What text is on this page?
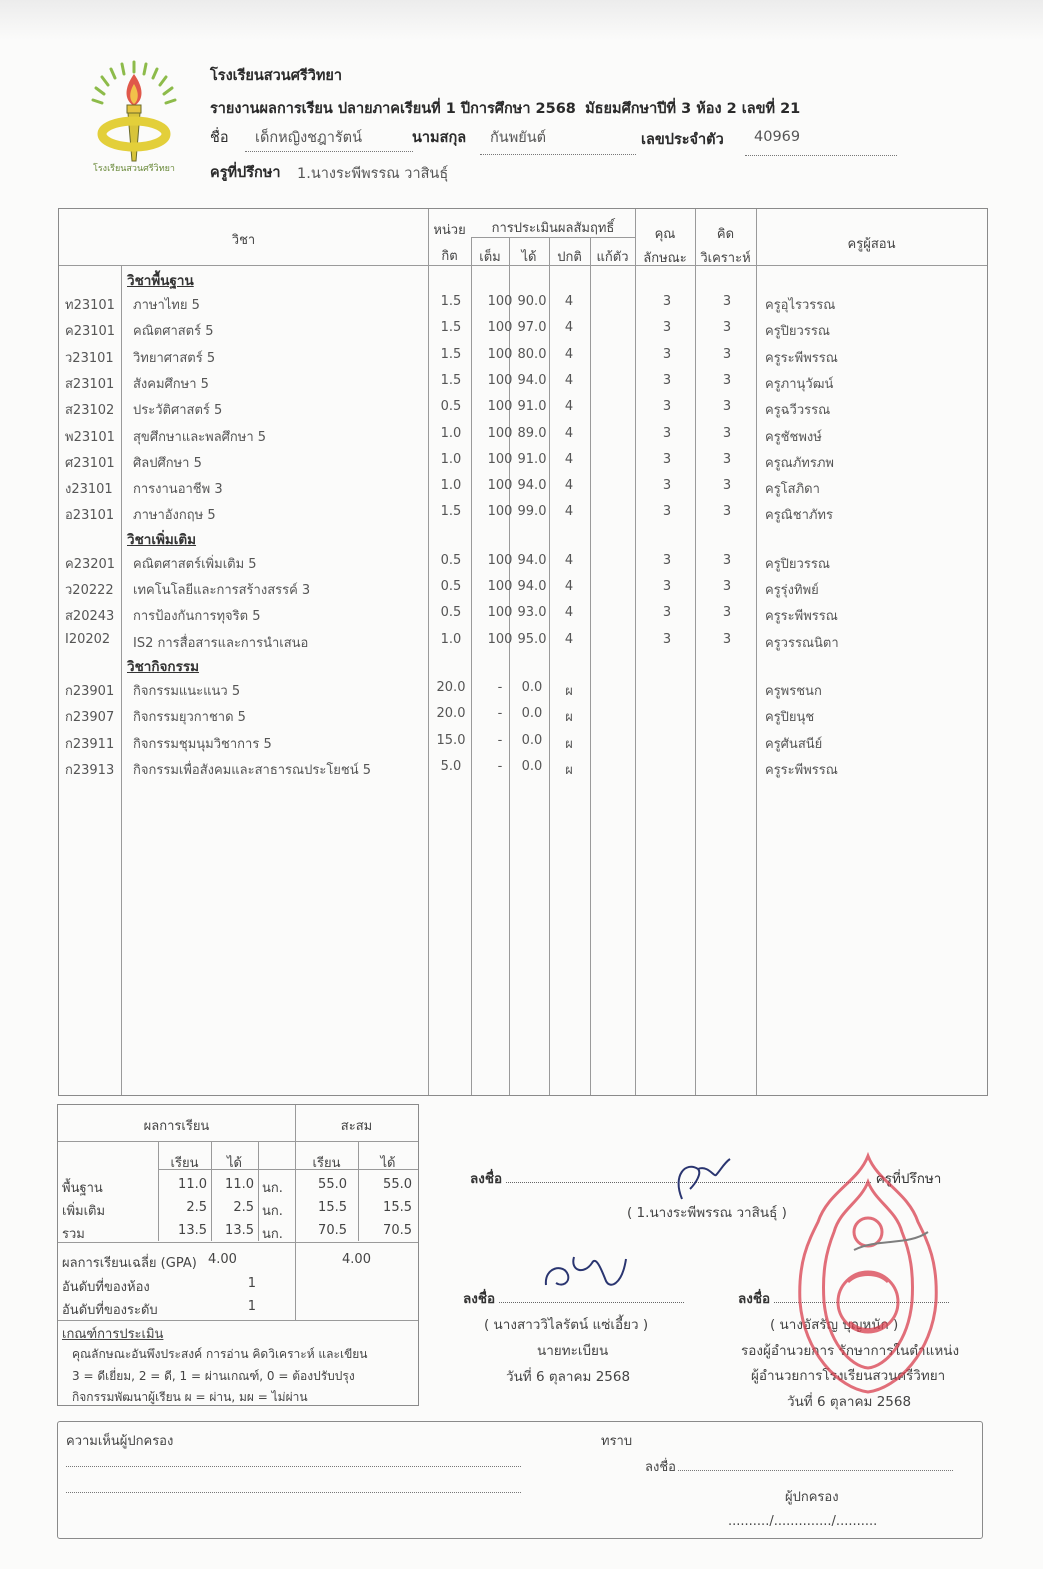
โรงเรียนสวนศรีวิทยา
โรงเรียนสวนศรีวิทยา
รายงานผลการเรียน ปลายภาคเรียนที่ 1 ปีการศึกษา 2568 มัธยมศึกษาปีที่ 3 ห้อง 2 เลขที่ 21
ชื่อ เด็กหญิงชฎารัตน์	นามสกุล กันพยันต์	เลขประจำตัว 40969
ครูที่ปรึกษา 1.นางระพีพรรณ วาสินธุ์
วิชา
หน่วย
กิต
การประเมินผลสัมฤทธิ์
เต็ม	ได้	ปกติ	แก้ตัว
คุณ
ลักษณะ
คิด
วิเคราะห์
ครูผู้สอน
วิชาพื้นฐาน
ท23101	ภาษาไทย 5	1.5	100 90.0	4	3	3	ครูอุไรวรรณ
ค23101	คณิตศาสตร์ 5	1.5	100 97.0	4	3	3	ครูปิยวรรณ
ว23101	วิทยาศาสตร์ 5	1.5	100 80.0	4	3	3	ครูระพีพรรณ
ส23101	สังคมศึกษา 5	1.5	100 94.0	4	3	3	ครูภานุวัฒน์
ส23102	ประวัติศาสตร์ 5	0.5	100 91.0	4	3	3	ครูฉวีวรรณ
พ23101	สุขศึกษาและพลศึกษา 5	1.0	100 89.0	4	3	3	ครูชัชพงษ์
ศ23101	ศิลปศึกษา 5	1.0	100 91.0	4	3	3	ครูณภัทรภพ
ง23101	การงานอาชีพ 3	1.0	100 94.0	4	3	3	ครูโสภิดา
อ23101	ภาษาอังกฤษ 5	1.5	100 99.0	4	3	3	ครูณิชาภัทร
วิชาเพิ่มเติม
ค23201	คณิตศาสตร์เพิ่มเติม 5	0.5	100 94.0	4	3	3	ครูปิยวรรณ
ว20222	เทคโนโลยีและการสร้างสรรค์ 3	0.5	100 94.0	4	3	3	ครูรุ่งทิพย์
ส20243	การป้องกันการทุจริต 5	0.5	100 93.0	4	3	3	ครูระพีพรรณ
I20202	IS2 การสื่อสารและการนำเสนอ	1.0	100 95.0	4	3	3	ครูวรรณนิตา
วิชากิจกรรม
ก23901	กิจกรรมแนะแนว 5	20.0	-	0.0	ผ	ครูพรชนก
ก23907	กิจกรรมยุวกาชาด 5	20.0	-	0.0	ผ	ครูปิยนุช
ก23911	กิจกรรมชุมนุมวิชาการ 5	15.0	-	0.0	ผ	ครูศันสนีย์
ก23913	กิจกรรมเพื่อสังคมและสาธารณประโยชน์ 5	5.0	-	0.0	ผ	ครูระพีพรรณ
ผลการเรียน	สะสม
เรียน	ได้	เรียน	ได้
พื้นฐาน	11.0	11.0 นก.	55.0	55.0
เพิ่มเติม	2.5	2.5 นก.	15.5	15.5
รวม	13.5	13.5 นก.	70.5	70.5
ผลการเรียนเฉลี่ย (GPA) 4.00	4.00
อันดับที่ของห้อง	1
อันดับที่ของระดับ	1
เกณฑ์การประเมิน
คุณลักษณะอันพึงประสงค์ การอ่าน คิดวิเคราะห์ และเขียน
3 = ดีเยี่ยม, 2 = ดี, 1 = ผ่านเกณฑ์, 0 = ต้องปรับปรุง
กิจกรรมพัฒนาผู้เรียน ผ = ผ่าน, มผ = ไม่ผ่าน
ลงชื่อ	ครูที่ปรึกษา
( 1.นางระพีพรรณ วาสินธุ์ )
ลงชื่อ
( นางสาววิไลรัตน์ แซ่เอี้ยว )
นายทะเบียน
วันที่ 6 ตุลาคม 2568
ลงชื่อ
( นางอัสรัญ บุญหนัก )
รองผู้อำนวยการ รักษาการในตำแหน่ง
ผู้อำนวยการโรงเรียนสวนศรีวิทยา
วันที่ 6 ตุลาคม 2568
ความเห็นผู้ปกครอง	ทราบ
ลงชื่อ
ผู้ปกครอง
........../............../..........
